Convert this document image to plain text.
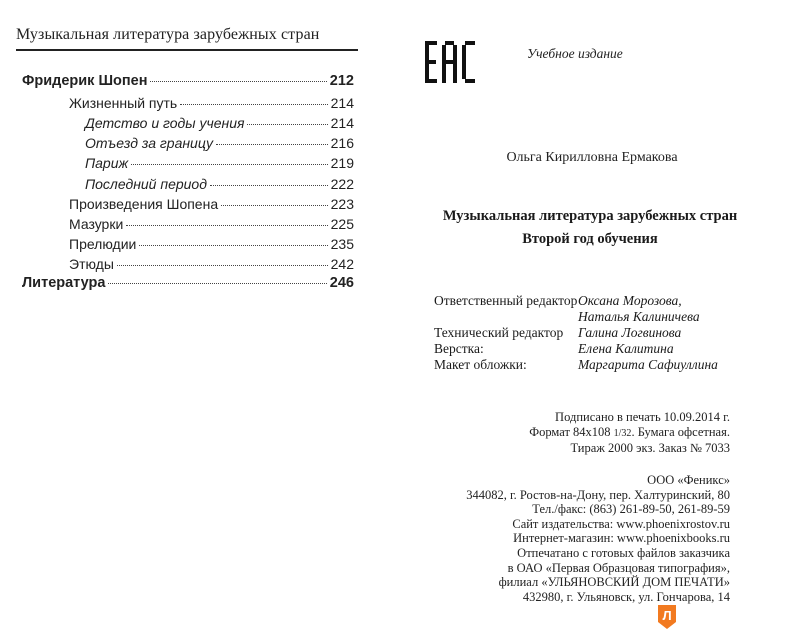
Музыкальная литература зарубежных стран
Фридерик Шопен	212
Жизненный путь	214
Детство и годы учения	214
Отъезд за границу	216
Париж	219
Последний период	222
Произведения Шопена	223
Мазурки	225
Прелюдии	235
Этюды	242
Литература	246
Учебное издание
Ольга Кирилловна Ермакова
Музыкальная литература зарубежных стран
Второй год обучения
Ответственный редактор Оксана Морозова,
Наталья Калиничева
Технический редактор	Галина Логвинова
Верстка:	Елена Калитина
Макет обложки:	Маргарита Сафиуллина
Подписано в печать 10.09.2014 г.
Формат 84х108 1/32. Бумага офсетная.
Тираж 2000 экз. Заказ № 7033
ООО «Феникс»
344082, г. Ростов-на-Дону, пер. Халтуринский, 80
Тел./факс: (863) 261-89-50, 261-89-59
Сайт издательства: www.phoenixrostov.ru
Интернет-магазин: www.phoenixbooks.ru
Отпечатано с готовых файлов заказчика
в ОАО «Первая Образцовая типография»,
филиал «УЛЬЯНОВСКИЙ ДОМ ПЕЧАТИ»
432980, г. Ульяновск, ул. Гончарова, 14
Л
